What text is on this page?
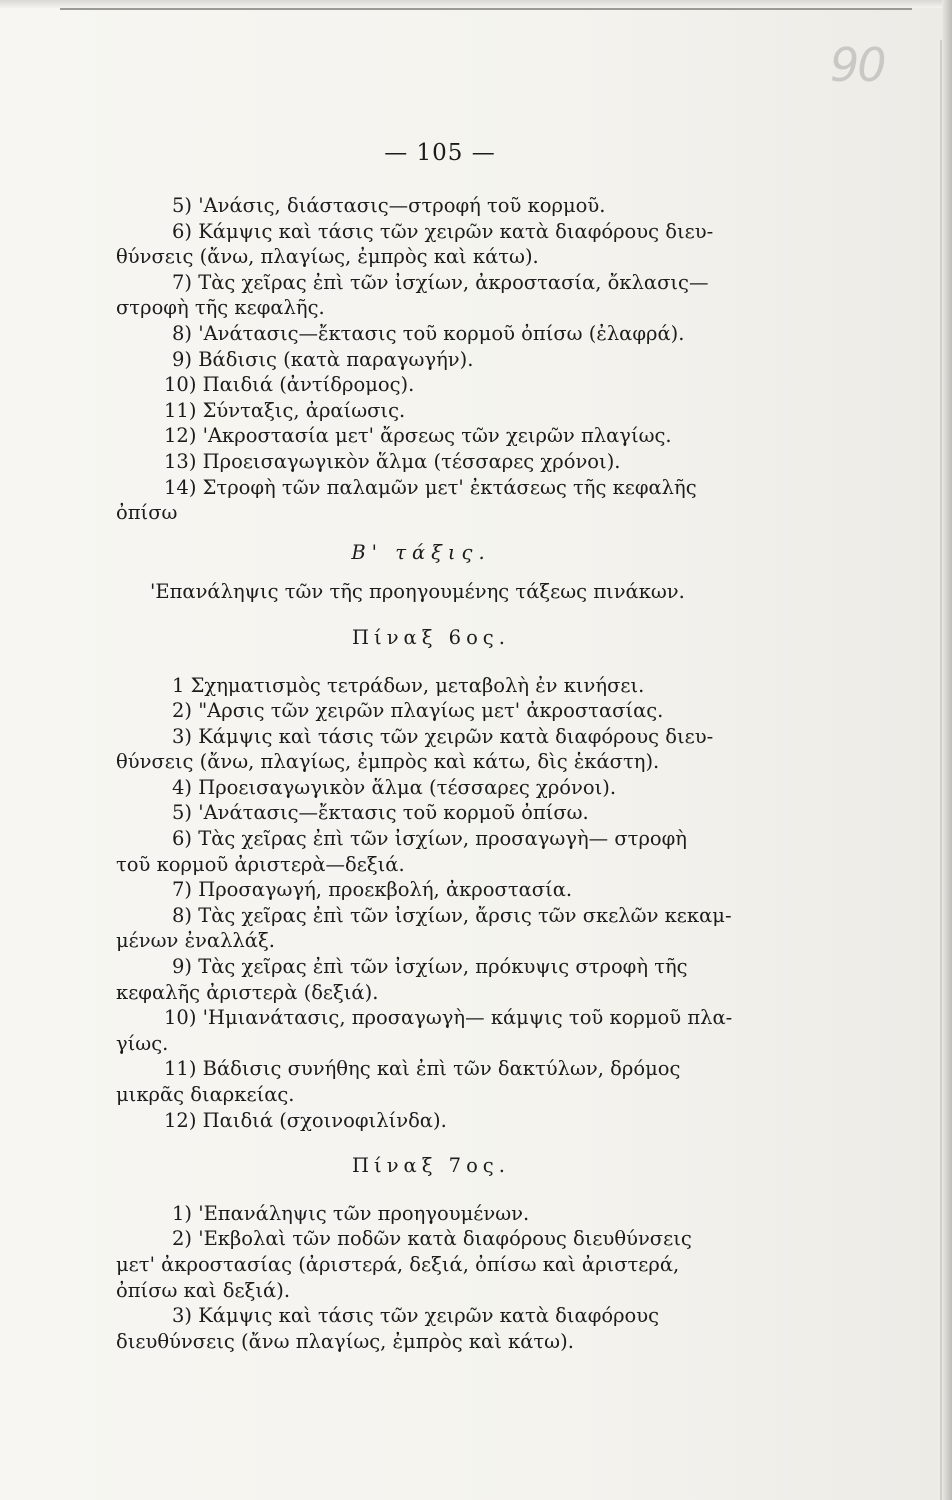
90
— 105 —

5) 'Ανάσις, διάστασις—στροφή τοῦ κορμοῦ.

6) Κάμψις καὶ τάσις τῶν χειρῶν κατὰ διαφόρους διευ-

θύνσεις (ἄνω, πλαγίως, ἐμπρὸς καὶ κάτω).

7) Τὰς χεῖρας ἐπὶ τῶν ἰσχίων, ἀκροστασία, ὄκλασις—

στροφὴ τῆς κεφαλῆς.

8) 'Ανάτασις—ἔκτασις τοῦ κορμοῦ ὀπίσω (ἐλαφρά).

9) Βάδισις (κατὰ παραγωγήν).

10) Παιδιά (ἀντίδρομος).

11) Σύνταξις, ἀραίωσις.

12) 'Ακροστασία μετ' ἄρσεως τῶν χειρῶν πλαγίως.

13) Προεισαγωγικὸν ἅλμα (τέσσαρες χρόνοι).

14) Στροφὴ τῶν παλαμῶν μετ' ἐκτάσεως τῆς κεφαλῆς

ὀπίσω

Β' τάξις.

'Επανάληψις τῶν τῆς προηγουμένης τάξεως πινάκων.

Πίναξ 6ος.

1 Σχηματισμὸς τετράδων, μεταβολὴ ἐν κινήσει.

2) "Αρσις τῶν χειρῶν πλαγίως μετ' ἀκροστασίας.

3) Κάμψις καὶ τάσις τῶν χειρῶν κατὰ διαφόρους διευ-

θύνσεις (ἄνω, πλαγίως, ἐμπρὸς καὶ κάτω, δὶς ἑκάστη).

4) Προεισαγωγικὸν ἅλμα (τέσσαρες χρόνοι).

5) 'Ανάτασις—ἔκτασις τοῦ κορμοῦ ὀπίσω.

6) Τὰς χεῖρας ἐπὶ τῶν ἰσχίων, προσαγωγὴ— στροφὴ

τοῦ κορμοῦ ἀριστερὰ—δεξιά.

7) Προσαγωγή, προεκβολή, ἀκροστασία.

8) Τὰς χεῖρας ἐπὶ τῶν ἰσχίων, ἄρσις τῶν σκελῶν κεκαμ-

μένων ἐναλλάξ.

9) Τὰς χεῖρας ἐπὶ τῶν ἰσχίων, πρόκυψις στροφὴ τῆς

κεφαλῆς ἀριστερὰ (δεξιά).

10) 'Ημιανάτασις, προσαγωγὴ— κάμψις τοῦ κορμοῦ πλα-

γίως.

11) Βάδισις συνήθης καὶ ἐπὶ τῶν δακτύλων, δρόμος

μικρᾶς διαρκείας.

12) Παιδιά (σχοινοφιλίνδα).

Πίναξ 7ος.

1) 'Επανάληψις τῶν προηγουμένων.

2) 'Εκβολαὶ τῶν ποδῶν κατὰ διαφόρους διευθύνσεις

μετ' ἀκροστασίας (ἀριστερά, δεξιά, ὀπίσω καὶ ἀριστερά,

ὀπίσω καὶ δεξιά).

3) Κάμψις καὶ τάσις τῶν χειρῶν κατὰ διαφόρους

διευθύνσεις (ἄνω πλαγίως, ἐμπρὸς καὶ κάτω).
